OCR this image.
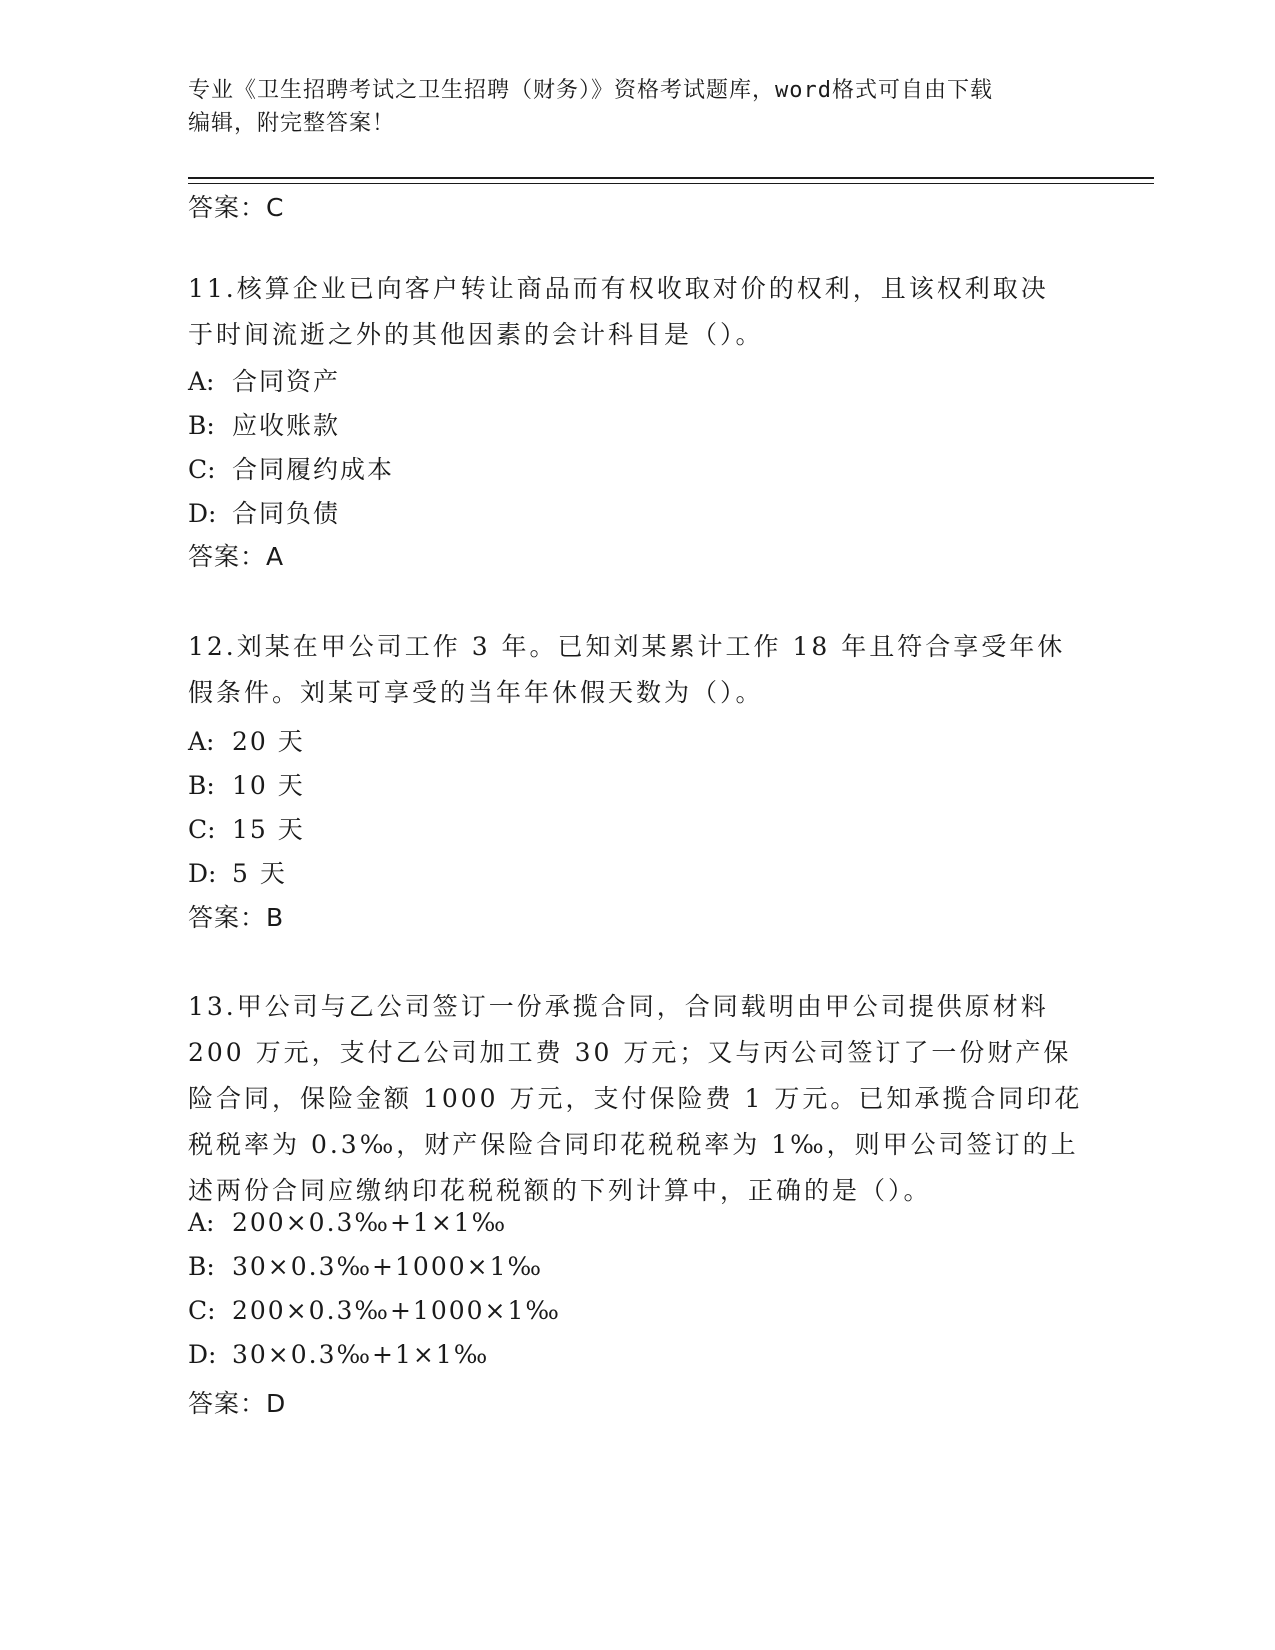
专业《卫生招聘考试之卫生招聘（财务）》资格考试题库，word格式可自由下载
编辑，附完整答案！
答案：C
11.核算企业已向客户转让商品而有权收取对价的权利，且该权利取决
于时间流逝之外的其他因素的会计科目是（）。
A: 合同资产
B: 应收账款
C: 合同履约成本
D: 合同负债
答案：A
12.刘某在甲公司工作 3 年。已知刘某累计工作 18 年且符合享受年休
假条件。刘某可享受的当年年休假天数为（）。
A: 20 天
B: 10 天
C: 15 天
D: 5 天
答案：B
13.甲公司与乙公司签订一份承揽合同，合同载明由甲公司提供原材料
200 万元，支付乙公司加工费 30 万元；又与丙公司签订了一份财产保
险合同，保险金额 1000 万元，支付保险费 1 万元。已知承揽合同印花
税税率为 0.3‰，财产保险合同印花税税率为 1‰，则甲公司签订的上
述两份合同应缴纳印花税税额的下列计算中，正确的是（）。
A: 200×0.3‰+1×1‰
B: 30×0.3‰+1000×1‰
C: 200×0.3‰+1000×1‰
D: 30×0.3‰+1×1‰
答案：D
